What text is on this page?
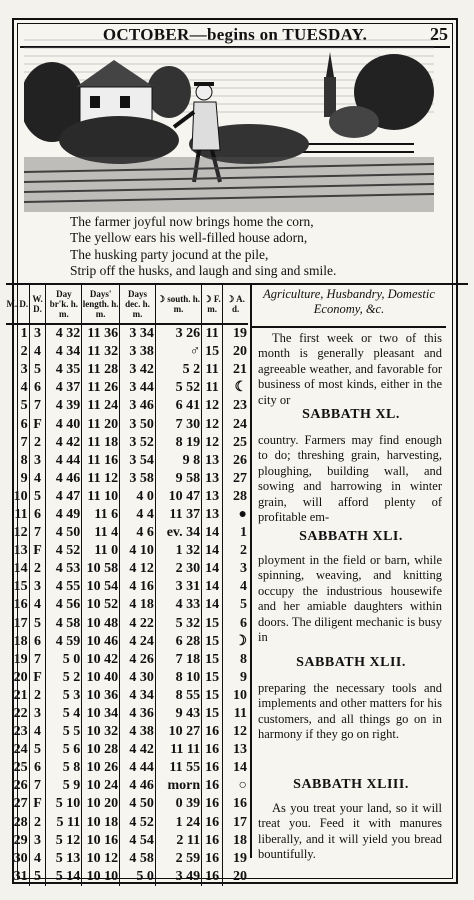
OCTOBER—begins on TUESDAY.	25
The farmer joyful now brings home the corn,
The yellow ears his well-filled house adorn,
The husking party jocund at the pile,
Strip off the husks, and laugh and sing and smile.
M. D.	W. D.	Day br'k. h. m.	Days' length. h. m.	Days dec. h. m.	☽ south. h. m.	☽ F. m.	☽ A. d.
1	3	4 32	11 36	3 34	3 26	11	19
2	4	4 34	11 32	3 38	♂	15	20
3	5	4 35	11 28	3 42	5 2	11	21
4	6	4 37	11 26	3 44	5 52	11	☾
5	7	4 39	11 24	3 46	6 41	12	23
6	F	4 40	11 20	3 50	7 30	12	24
7	2	4 42	11 18	3 52	8 19	12	25
8	3	4 44	11 16	3 54	9 8	13	26
9	4	4 46	11 12	3 58	9 58	13	27
10	5	4 47	11 10	4 0	10 47	13	28
11	6	4 49	11 6	4 4	11 37	13	●
12	7	4 50	11 4	4 6	ev. 34	14	1
13	F	4 52	11 0	4 10	1 32	14	2
14	2	4 53	10 58	4 12	2 30	14	3
15	3	4 55	10 54	4 16	3 31	14	4
16	4	4 56	10 52	4 18	4 33	14	5
17	5	4 58	10 48	4 22	5 32	15	6
18	6	4 59	10 46	4 24	6 28	15	☽
19	7	5 0	10 42	4 26	7 18	15	8
20	F	5 2	10 40	4 30	8 10	15	9
21	2	5 3	10 36	4 34	8 55	15	10
22	3	5 4	10 34	4 36	9 43	15	11
23	4	5 5	10 32	4 38	10 27	16	12
24	5	5 6	10 28	4 42	11 11	16	13
25	6	5 8	10 26	4 44	11 55	16	14
26	7	5 9	10 24	4 46	morn	16	○
27	F	5 10	10 20	4 50	0 39	16	16
28	2	5 11	10 18	4 52	1 24	16	17
29	3	5 12	10 16	4 54	2 11	16	18
30	4	5 13	10 12	4 58	2 59	16	19
31	5	5 14	10 10	5 0	3 49	16	20
Agriculture, Husbandry, Domestic Economy, &c.
The first week or two of this month is generally pleasant and agreeable weather, and favorable for business of most kinds, either in the city or
SABBATH XL.
country. Farmers may find enough to do; threshing grain, harvesting, ploughing, building wall, and sowing and harrowing in winter grain, will afford plenty of profitable em-
SABBATH XLI.
ployment in the field or barn, while spinning, weaving, and knitting occupy the industrious housewife and her amiable daughters within doors. The diligent mechanic is busy in
SABBATH XLII.
preparing the necessary tools and implements and other matters for his customers, and all things go on in harmony if they go on right.
SABBATH XLIII.
As you treat your land, so it will treat you. Feed it with manures liberally, and it will yield you bread bountifully.
